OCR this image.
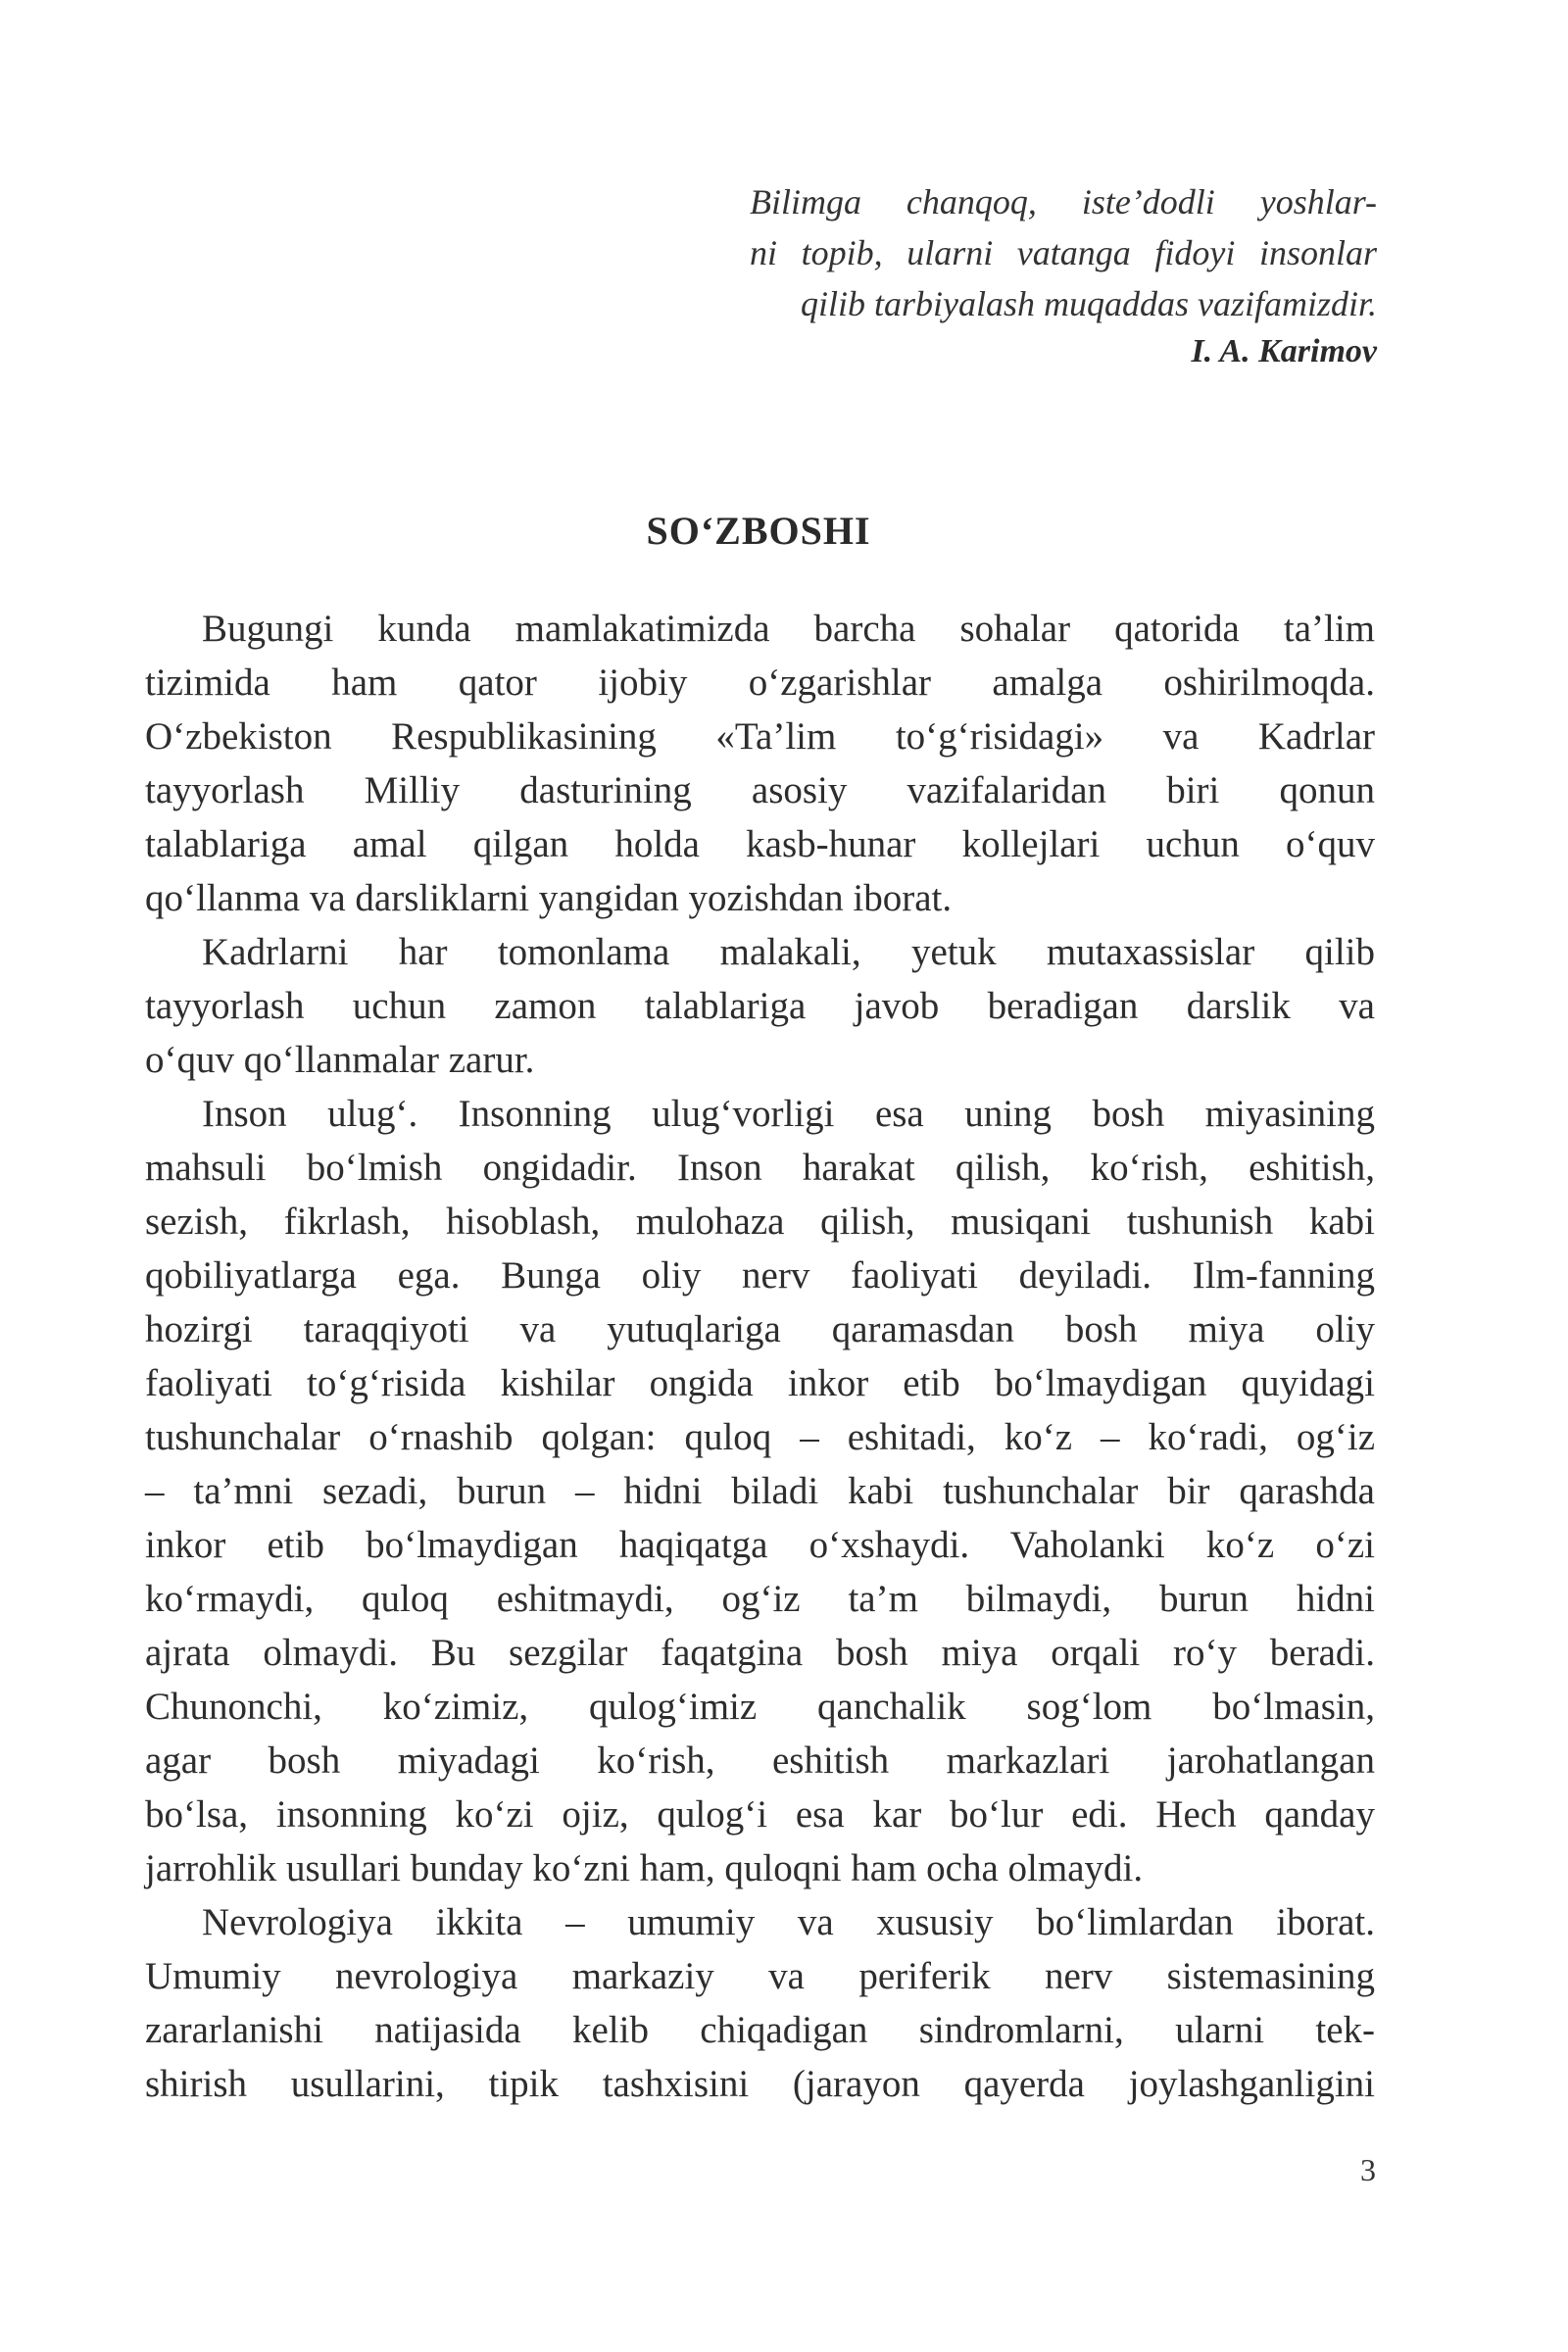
Bilimga chanqoq, iste’dodli yoshlar-
ni topib, ularni vatanga fidoyi insonlar
qilib tarbiyalash muqaddas vazifamizdir.
I. A. Karimov
SO‘ZBOSHI
Bugungi kunda mamlakatimizda barcha sohalar qatorida ta’lim
tizimida ham qator ijobiy o‘zgarishlar amalga oshirilmoqda.
O‘zbekiston Respublikasining «Ta’lim to‘g‘risidagi» va Kadrlar
tayyorlash Milliy dasturining asosiy vazifalaridan biri qonun
talablariga amal qilgan holda kasb-hunar kollejlari uchun o‘quv
qo‘llanma va darsliklarni yangidan yozishdan iborat.
Kadrlarni har tomonlama malakali, yetuk mutaxassislar qilib
tayyorlash uchun zamon talablariga javob beradigan darslik va
o‘quv qo‘llanmalar zarur.
Inson ulug‘. Insonning ulug‘vorligi esa uning bosh miyasining
mahsuli bo‘lmish ongidadir. Inson harakat qilish, ko‘rish, eshitish,
sezish, fikrlash, hisoblash, mulohaza qilish, musiqani tushunish kabi
qobiliyatlarga ega. Bunga oliy nerv faoliyati deyiladi. Ilm-fanning
hozirgi taraqqiyoti va yutuqlariga qaramasdan bosh miya oliy
faoliyati to‘g‘risida kishilar ongida inkor etib bo‘lmaydigan quyidagi
tushunchalar o‘rnashib qolgan: quloq – eshitadi, ko‘z – ko‘radi, og‘iz
– ta’mni sezadi, burun – hidni biladi kabi tushunchalar bir qarashda
inkor etib bo‘lmaydigan haqiqatga o‘xshaydi. Vaholanki ko‘z o‘zi
ko‘rmaydi, quloq eshitmaydi, og‘iz ta’m bilmaydi, burun hidni
ajrata olmaydi. Bu sezgilar faqatgina bosh miya orqali ro‘y beradi.
Chunonchi, ko‘zimiz, qulog‘imiz qanchalik sog‘lom bo‘lmasin,
agar bosh miyadagi ko‘rish, eshitish markazlari jarohatlangan
bo‘lsa, insonning ko‘zi ojiz, qulog‘i esa kar bo‘lur edi. Hech qanday
jarrohlik usullari bunday ko‘zni ham, quloqni ham ocha olmaydi.
Nevrologiya ikkita – umumiy va xususiy bo‘limlardan iborat.
Umumiy nevrologiya markaziy va periferik nerv sistemasining
zararlanishi natijasida kelib chiqadigan sindromlarni, ularni tek-
shirish usullarini, tipik tashxisini (jarayon qayerda joylashganligini
3
